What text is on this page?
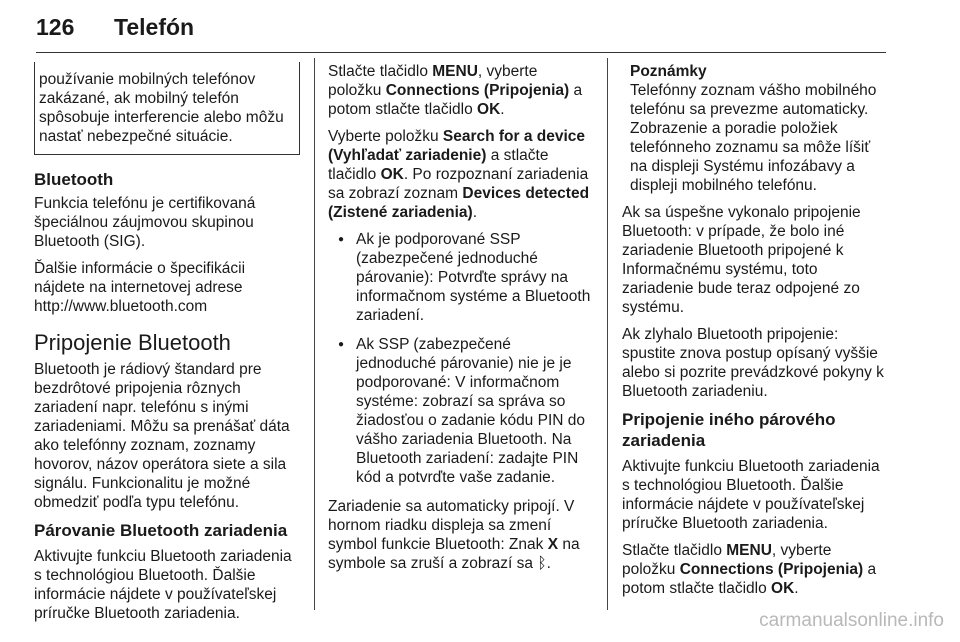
126 Telefón
používanie mobilných telefónov zakázané, ak mobilný telefón spôsobuje interferencie alebo môžu nastať nebezpečné situácie.
Bluetooth

Funkcia telefónu je certifikovaná špeciálnou záujmovou skupinou Bluetooth (SIG).

Ďalšie informácie o špecifikácii nájdete na internetovej adrese http://www.bluetooth.com

Pripojenie Bluetooth

Bluetooth je rádiový štandard pre bezdrôtové pripojenia rôznych zariadení napr. telefónu s inými zariadeniami. Môžu sa prenášať dáta ako telefónny zoznam, zoznamy hovorov, názov operátora siete a sila signálu. Funkcionalitu je možné obmedziť podľa typu telefónu.

Párovanie Bluetooth zariadenia

Aktivujte funkciu Bluetooth zariadenia s technológiou Bluetooth. Ďalšie informácie nájdete v používateľskej príručke Bluetooth zariadenia.

Stlačte tlačidlo MENU, vyberte položku Connections (Pripojenia) a potom stlačte tlačidlo OK.

Vyberte položku Search for a device (Vyhľadať zariadenie) a stlačte tlačidlo OK. Po rozpoznaní zariadenia sa zobrazí zoznam Devices detected (Zistené zariadenia).

● Ak je podporované SSP (zabezpečené jednoduché párovanie): Potvrďte správy na informačnom systéme a Bluetooth zariadení.
● Ak SSP (zabezpečené jednoduché párovanie) nie je je podporované: V informačnom systéme: zobrazí sa správa so žiadosťou o zadanie kódu PIN do vášho zariadenia Bluetooth. Na Bluetooth zariadení: zadajte PIN kód a potvrďte vaše zadanie.

Zariadenie sa automaticky pripojí. V hornom riadku displeja sa zmení symbol funkcie Bluetooth: Znak X na symbole sa zruší a zobrazí sa ᛒ.

Poznámky
Telefónny zoznam vášho mobilného telefónu sa prevezme automaticky. Zobrazenie a poradie položiek telefónneho zoznamu sa môže líšiť na displeji Systému infozábavy a displeji mobilného telefónu.

Ak sa úspešne vykonalo pripojenie Bluetooth: v prípade, že bolo iné zariadenie Bluetooth pripojené k Informačnému systému, toto zariadenie bude teraz odpojené zo systému.

Ak zlyhalo Bluetooth pripojenie: spustite znova postup opísaný vyššie alebo si pozrite prevádzkové pokyny k Bluetooth zariadeniu.

Pripojenie iného párového zariadenia

Aktivujte funkciu Bluetooth zariadenia s technológiou Bluetooth. Ďalšie informácie nájdete v používateľskej príručke Bluetooth zariadenia.

Stlačte tlačidlo MENU, vyberte položku Connections (Pripojenia) a potom stlačte tlačidlo OK.

carmanualsonline.info
